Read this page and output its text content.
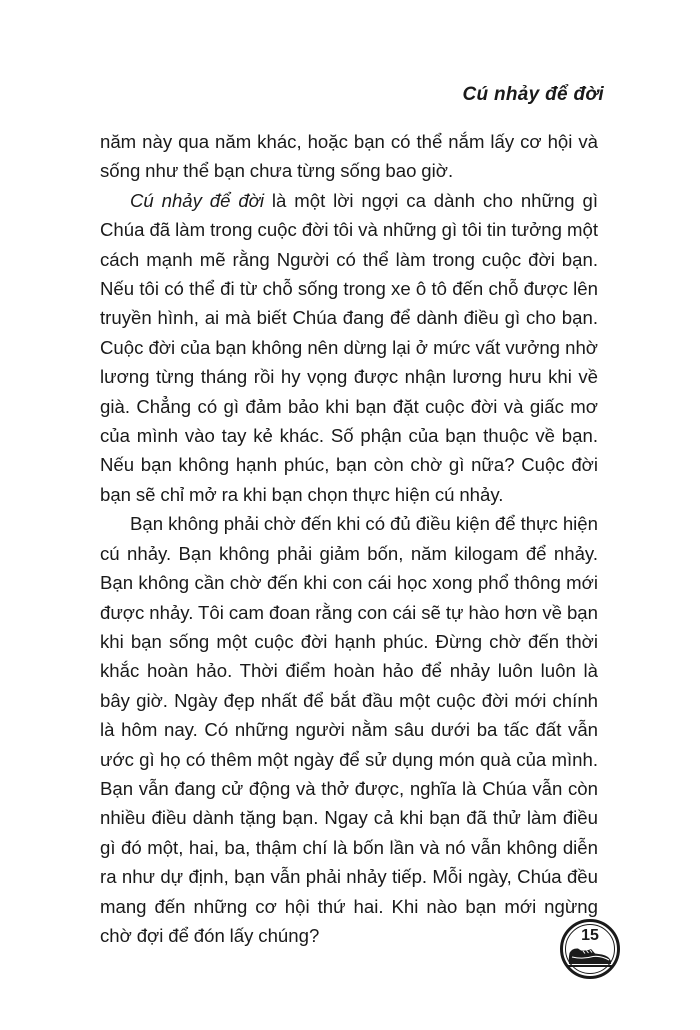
Cú nhảy để đời

năm này qua năm khác, hoặc bạn có thể nắm lấy cơ hội và sống như thể bạn chưa từng sống bao giờ.

Cú nhảy để đời là một lời ngợi ca dành cho những gì Chúa đã làm trong cuộc đời tôi và những gì tôi tin tưởng một cách mạnh mẽ rằng Người có thể làm trong cuộc đời bạn. Nếu tôi có thể đi từ chỗ sống trong xe ô tô đến chỗ được lên truyền hình, ai mà biết Chúa đang để dành điều gì cho bạn. Cuộc đời của bạn không nên dừng lại ở mức vất vưởng nhờ lương từng tháng rồi hy vọng được nhận lương hưu khi về già. Chẳng có gì đảm bảo khi bạn đặt cuộc đời và giấc mơ của mình vào tay kẻ khác. Số phận của bạn thuộc về bạn. Nếu bạn không hạnh phúc, bạn còn chờ gì nữa? Cuộc đời bạn sẽ chỉ mở ra khi bạn chọn thực hiện cú nhảy.

Bạn không phải chờ đến khi có đủ điều kiện để thực hiện cú nhảy. Bạn không phải giảm bốn, năm kilogam để nhảy. Bạn không cần chờ đến khi con cái học xong phổ thông mới được nhảy. Tôi cam đoan rằng con cái sẽ tự hào hơn về bạn khi bạn sống một cuộc đời hạnh phúc. Đừng chờ đến thời khắc hoàn hảo. Thời điểm hoàn hảo để nhảy luôn luôn là bây giờ. Ngày đẹp nhất để bắt đầu một cuộc đời mới chính là hôm nay. Có những người nằm sâu dưới ba tấc đất vẫn ước gì họ có thêm một ngày để sử dụng món quà của mình. Bạn vẫn đang cử động và thở được, nghĩa là Chúa vẫn còn nhiều điều dành tặng bạn. Ngay cả khi bạn đã thử làm điều gì đó một, hai, ba, thậm chí là bốn lần và nó vẫn không diễn ra như dự định, bạn vẫn phải nhảy tiếp. Mỗi ngày, Chúa đều mang đến những cơ hội thứ hai. Khi nào bạn mới ngừng chờ đợi để đón lấy chúng?	15
